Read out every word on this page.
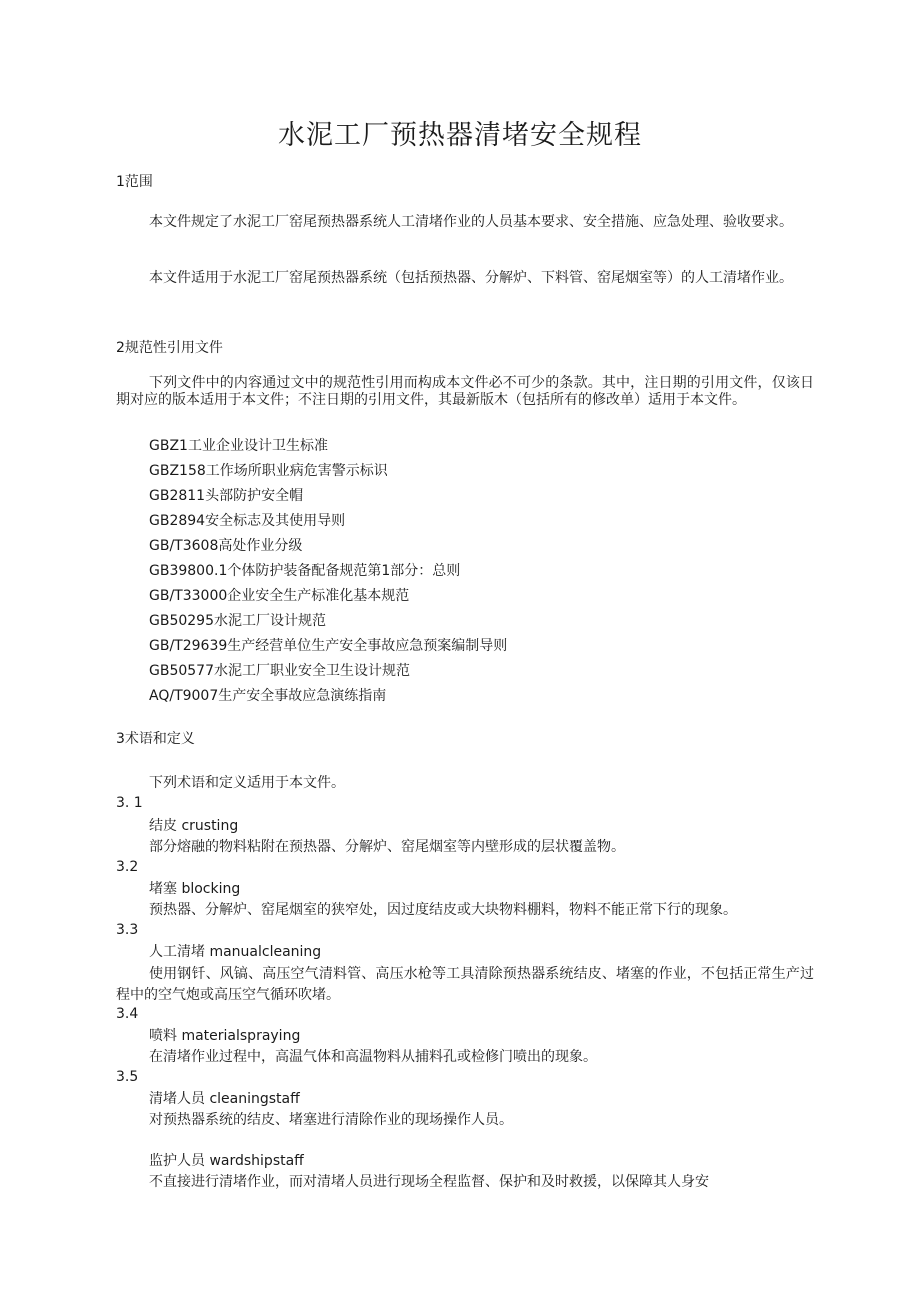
水泥工厂预热器清堵安全规程

1范围

本文件规定了水泥工厂窑尾预热器系统人工清堵作业的人员基本要求、安全措施、应急处理、验收要求。

本文件适用于水泥工厂窑尾预热器系统（包括预热器、分解炉、下料管、窑尾烟室等）的人工清堵作业。

2规范性引用文件

下列文件中的内容通过文中的规范性引用而构成本文件必不可少的条款。其中，注日期的引用文件，仅该日期对应的版本适用于本文件；不注日期的引用文件，其最新版木（包括所有的修改单）适用于本文件。

GBZ1工业企业设计卫生标准

GBZ158工作场所职业病危害警示标识

GB2811头部防护安全帽

GB2894安全标志及其使用导则

GB/T3608高处作业分级

GB39800.1个体防护装备配备规范第1部分：总则

GB/T33000企业安全生产标准化基本规范

GB50295水泥工厂设计规范

GB/T29639生产经营单位生产安全事故应急预案编制导则

GB50577水泥工厂职业安全卫生设计规范

AQ/T9007生产安全事故应急演练指南

3术语和定义

下列术语和定义适用于本文件。

3. 1

结皮 crusting

部分熔融的物料粘附在预热器、分解炉、窑尾烟室等内壁形成的层状覆盖物。

3.2

堵塞 blocking

预热器、分解炉、窑尾烟室的狭窄处，因过度结皮或大块物料棚料，物料不能正常下行的现象。

3.3

人工清堵 manualcleaning

使用钢钎、风镐、高压空气清料管、高压水枪等工具清除预热器系统结皮、堵塞的作业，不包括正常生产过程中的空气炮或高压空气循环吹堵。

3.4

喷料 materialspraying

在清堵作业过程中，高温气体和高温物料从捕料孔或检修门喷出的现象。

3.5

清堵人员 cleaningstaff

对预热器系统的结皮、堵塞进行清除作业的现场操作人员。

监护人员 wardshipstaff

不直接进行清堵作业，而对清堵人员进行现场全程监督、保护和及时救援，以保障其人身安
